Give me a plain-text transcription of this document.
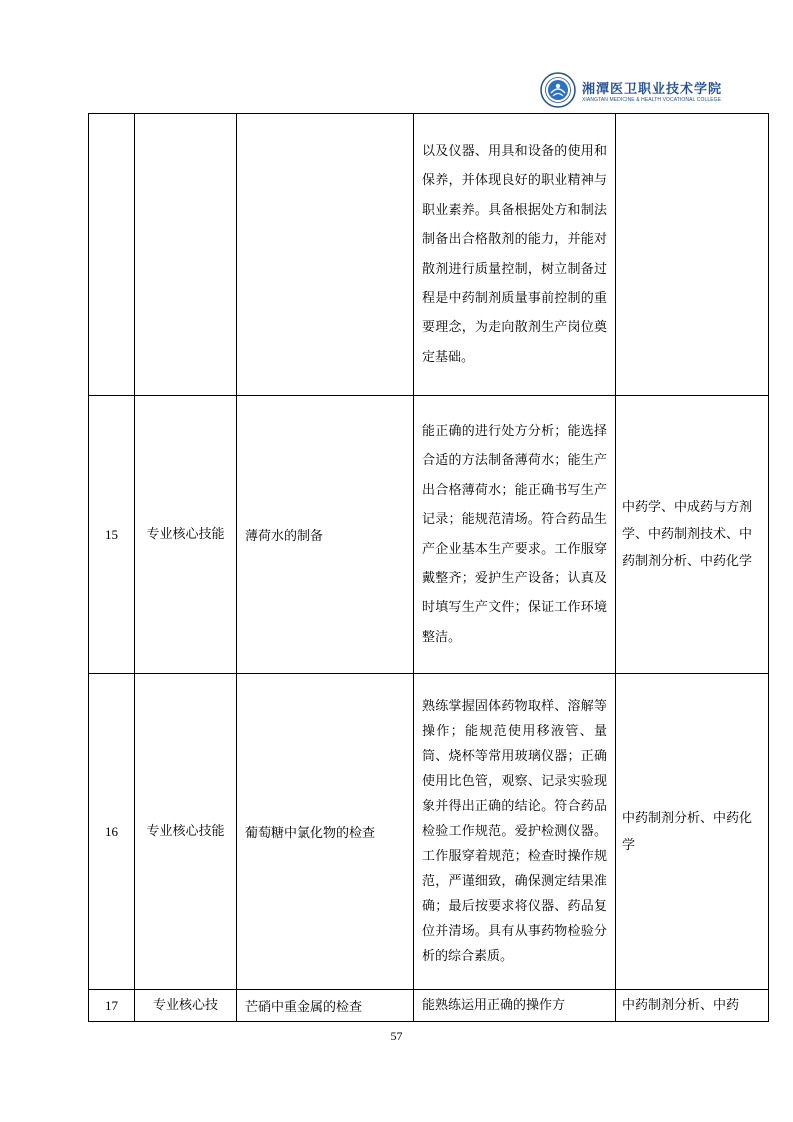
湘潭医卫职业技术学院
XIANGTAN MEDICINE & HEALTH VOCATIONAL COLLEGE
			以及仪器、用具和设备的使用和保养，并体现良好的职业精神与职业素养。具备根据处方和制法制备出合格散剂的能力，并能对散剂进行质量控制，树立制备过程是中药制剂质量事前控制的重要理念，为走向散剂生产岗位奠定基础。	
15	专业核心技能	薄荷水的制备	能正确的进行处方分析；能选择合适的方法制备薄荷水；能生产出合格薄荷水；能正确书写生产记录；能规范清场。符合药品生产企业基本生产要求。工作服穿戴整齐；爱护生产设备；认真及时填写生产文件；保证工作环境整洁。	中药学、中成药与方剂学、中药制剂技术、中药制剂分析、中药化学
16	专业核心技能	葡萄糖中氯化物的检查	熟练掌握固体药物取样、溶解等操作；能规范使用移液管、量筒、烧杯等常用玻璃仪器；正确使用比色管，观察、记录实验现象并得出正确的结论。符合药品检验工作规范。爱护检测仪器。工作服穿着规范；检查时操作规范，严谨细致，确保测定结果准确；最后按要求将仪器、药品复位并清场。具有从事药物检验分析的综合素质。	中药制剂分析、中药化学
17	专业核心技	芒硝中重金属的检查	能熟练运用正确的操作方	中药制剂分析、中药
57
